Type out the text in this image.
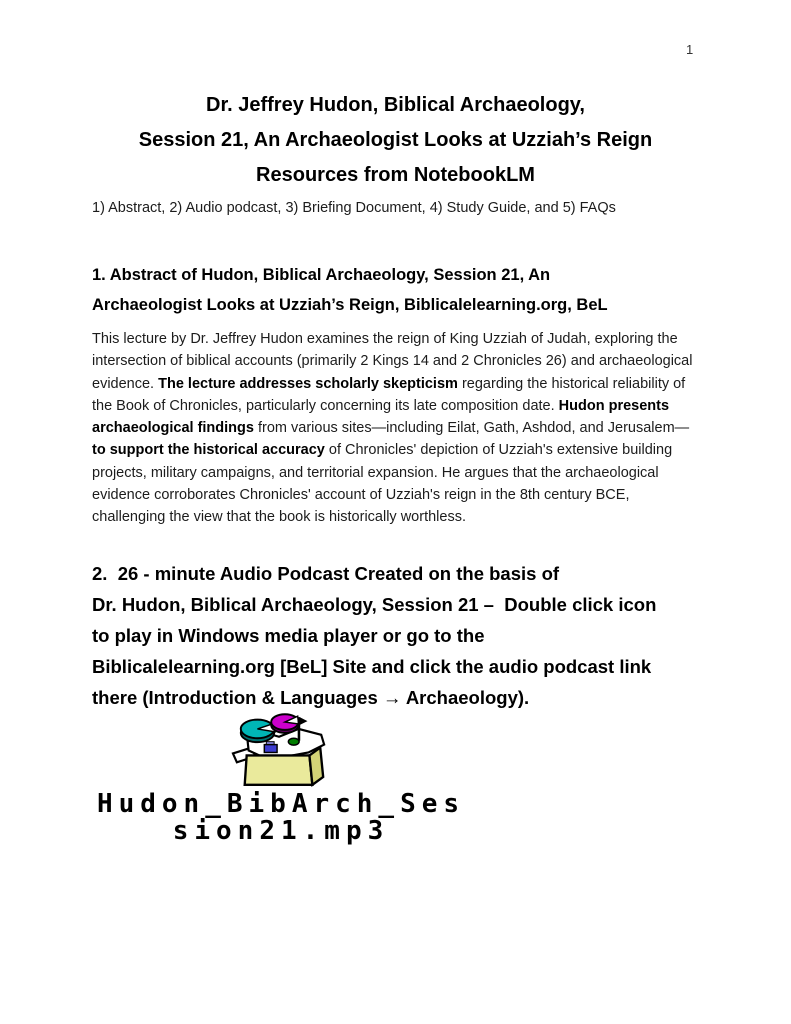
1
Dr. Jeffrey Hudon, Biblical Archaeology,
Session 21, An Archaeologist Looks at Uzziah’s Reign
Resources from NotebookLM

1) Abstract, 2) Audio podcast, 3) Briefing Document, 4) Study Guide, and 5) FAQs

1. Abstract of Hudon, Biblical Archaeology, Session 21, An
Archaeologist Looks at Uzziah’s Reign, Biblicalelearning.org, BeL

This lecture by Dr. Jeffrey Hudon examines the reign of King Uzziah of Judah, exploring the intersection of biblical accounts (primarily 2 Kings 14 and 2 Chronicles 26) and archaeological evidence. The lecture addresses scholarly skepticism regarding the historical reliability of the Book of Chronicles, particularly concerning its late composition date. Hudon presents archaeological findings from various sites—including Eilat, Gath, Ashdod, and Jerusalem—to support the historical accuracy of Chronicles' depiction of Uzziah's extensive building projects, military campaigns, and territorial expansion. He argues that the archaeological evidence corroborates Chronicles' account of Uzziah's reign in the 8th century BCE, challenging the view that the book is historically worthless.

2.  26 - minute Audio Podcast Created on the basis of
Dr. Hudon, Biblical Archaeology, Session 21 –  Double click icon
to play in Windows media player or go to the
Biblicalelearning.org [BeL] Site and click the audio podcast link
there (Introduction & Languages → Archaeology).
Hudon_BibArch_Ses
sion21.mp3
